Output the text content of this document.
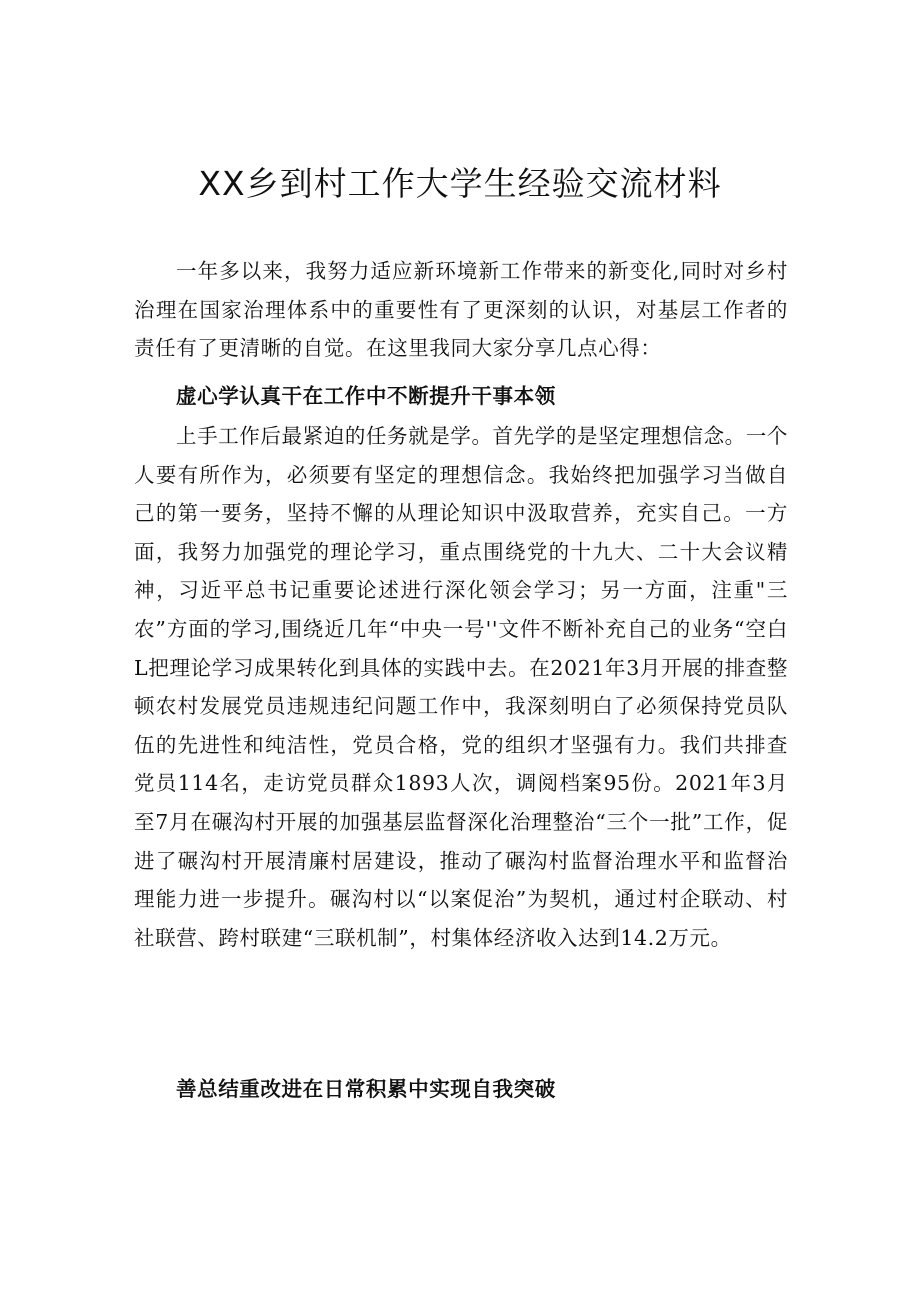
XX乡到村工作大学生经验交流材料

一年多以来，我努力适应新环境新工作带来的新变化,同时对乡村治理在国家治理体系中的重要性有了更深刻的认识，对基层工作者的责任有了更清晰的自觉。在这里我同大家分享几点心得：

虚心学认真干在工作中不断提升干事本领

上手工作后最紧迫的任务就是学。首先学的是坚定理想信念。一个人要有所作为，必须要有坚定的理想信念。我始终把加强学习当做自己的第一要务，坚持不懈的从理论知识中汲取营养，充实自己。一方面，我努力加强党的理论学习，重点围绕党的十九大、二十大会议精神，习近平总书记重要论述进行深化领会学习；另一方面，注重"三农”方面的学习,围绕近几年“中央一号''文件不断补充自己的业务“空白L把理论学习成果转化到具体的实践中去。在2021年3月开展的排查整顿农村发展党员违规违纪问题工作中，我深刻明白了必须保持党员队伍的先进性和纯洁性，党员合格，党的组织才坚强有力。我们共排查党员114名，走访党员群众1893人次，调阅档案95份。2021年3月至7月在碾沟村开展的加强基层监督深化治理整治“三个一批”工作，促进了碾沟村开展清廉村居建设，推动了碾沟村监督治理水平和监督治理能力进一步提升。碾沟村以“以案促治”为契机，通过村企联动、村社联营、跨村联建“三联机制”，村集体经济收入达到14.2万元。

善总结重改进在日常积累中实现自我突破
